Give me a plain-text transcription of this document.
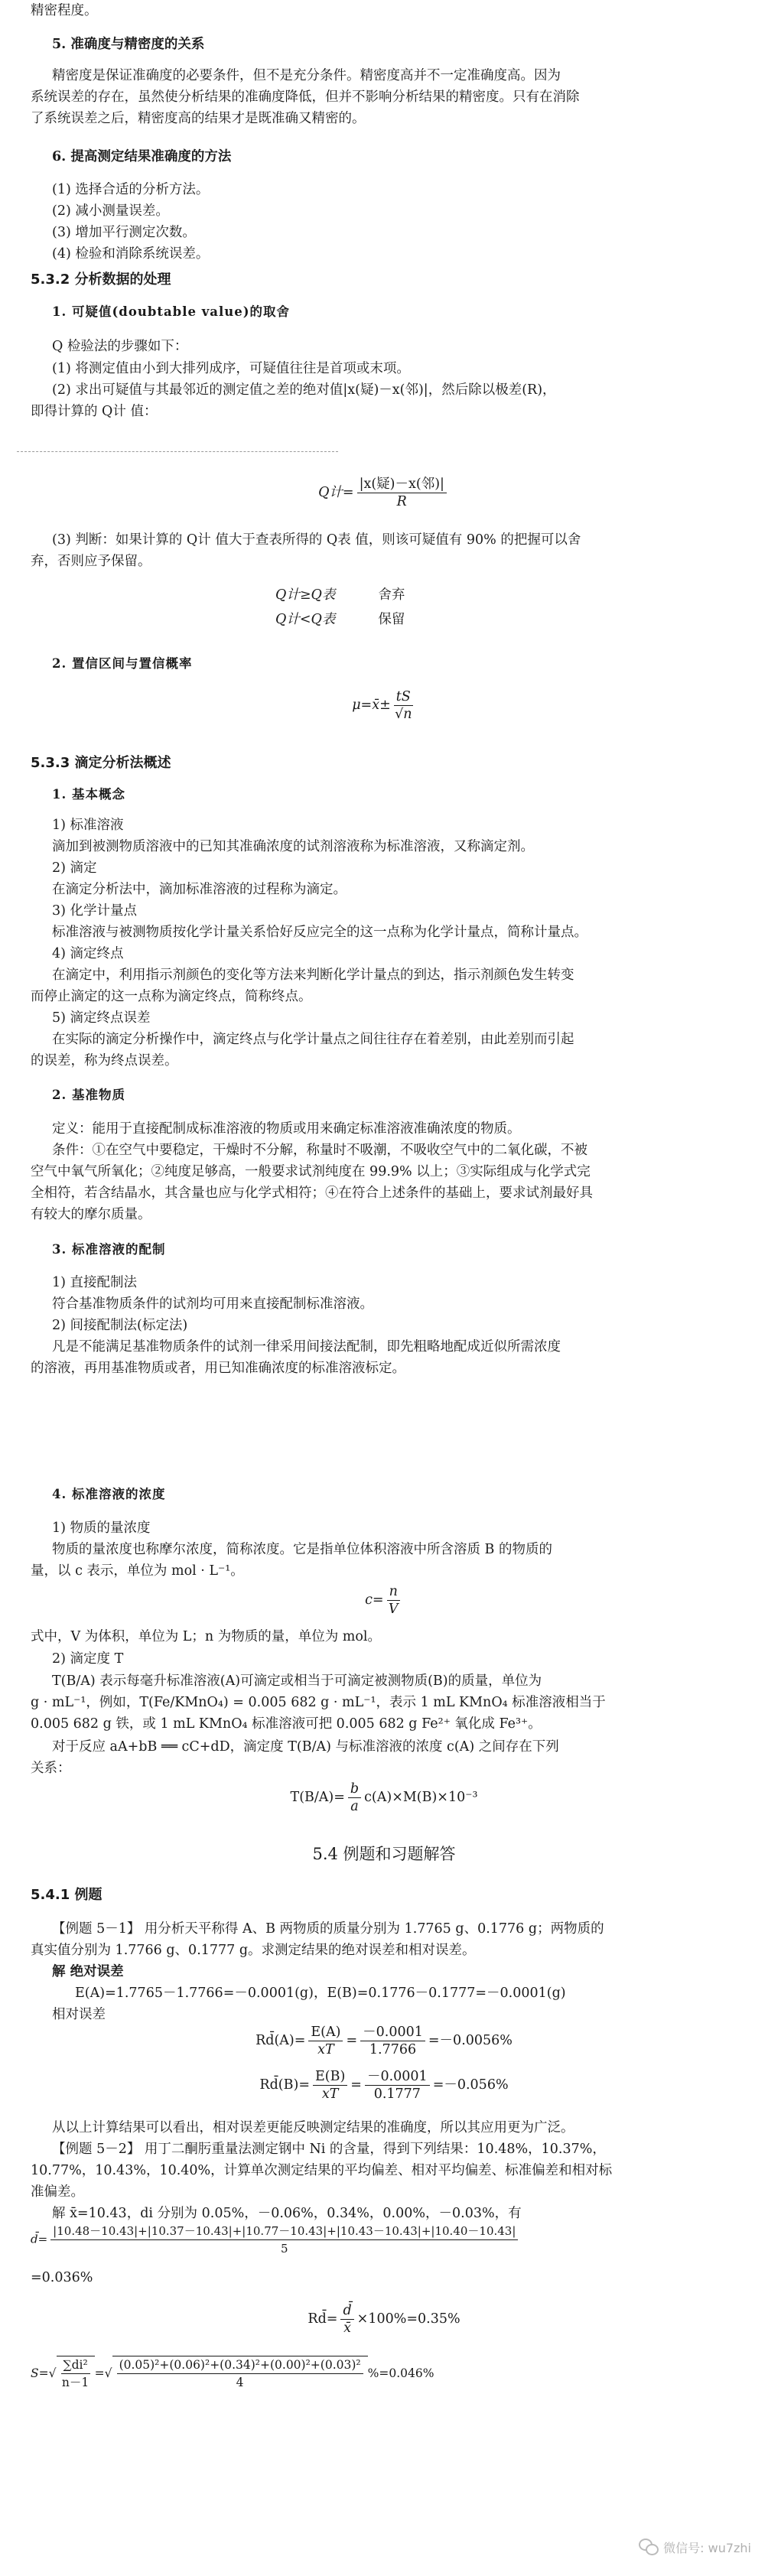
精密程度。
5. 准确度与精密度的关系
精密度是保证准确度的必要条件，但不是充分条件。精密度高并不一定准确度高。因为
系统误差的存在，虽然使分析结果的准确度降低，但并不影响分析结果的精密度。只有在消除
了系统误差之后，精密度高的结果才是既准确又精密的。
6. 提高测定结果准确度的方法
(1) 选择合适的分析方法。
(2) 减小测量误差。
(3) 增加平行测定次数。
(4) 检验和消除系统误差。
5.3.2 分析数据的处理
1. 可疑值(doubtable value)的取舍
Q 检验法的步骤如下：
(1) 将测定值由小到大排列成序，可疑值往往是首项或末项。
(2) 求出可疑值与其最邻近的测定值之差的绝对值|x(疑)－x(邻)|，然后除以极差(R)，
即得计算的 Q计 值：
Q计= $\frac{\text{|x(疑)－x(邻)|}}{R}$
(3) 判断：如果计算的 Q计 值大于查表所得的 Q表 值，则该可疑值有 90% 的把握可以舍
弃，否则应予保留。
Q计≥Q表	舍弃
Q计<Q表	保留
2. 置信区间与置信概率
μ=x̄± $\frac{tS}{√n}$
5.3.3 滴定分析法概述
1. 基本概念
1) 标准溶液
滴加到被测物质溶液中的已知其准确浓度的试剂溶液称为标准溶液，又称滴定剂。
2) 滴定
在滴定分析法中，滴加标准溶液的过程称为滴定。
3) 化学计量点
标准溶液与被测物质按化学计量关系恰好反应完全的这一点称为化学计量点，简称计量点。
4) 滴定终点
在滴定中，利用指示剂颜色的变化等方法来判断化学计量点的到达，指示剂颜色发生转变
而停止滴定的这一点称为滴定终点，简称终点。
5) 滴定终点误差
在实际的滴定分析操作中，滴定终点与化学计量点之间往往存在着差别，由此差别而引起
的误差，称为终点误差。
2. 基准物质
定义：能用于直接配制成标准溶液的物质或用来确定标准溶液准确浓度的物质。
条件：①在空气中要稳定，干燥时不分解，称量时不吸潮，不吸收空气中的二氧化碳，不被
空气中氧气所氧化；②纯度足够高，一般要求试剂纯度在 99.9% 以上；③实际组成与化学式完
全相符，若含结晶水，其含量也应与化学式相符；④在符合上述条件的基础上，要求试剂最好具
有较大的摩尔质量。
3. 标准溶液的配制
1) 直接配制法
符合基准物质条件的试剂均可用来直接配制标准溶液。
2) 间接配制法(标定法)
凡是不能满足基准物质条件的试剂一律采用间接法配制，即先粗略地配成近似所需浓度
的溶液，再用基准物质或者，用已知准确浓度的标准溶液标定。
4. 标准溶液的浓度
1) 物质的量浓度
物质的量浓度也称摩尔浓度，简称浓度。它是指单位体积溶液中所含溶质 B 的物质的
量，以 c 表示，单位为 mol · L⁻¹。
$c= \frac{n}{V}$
式中，V 为体积，单位为 L；n 为物质的量，单位为 mol。
2) 滴定度 T
T(B/A) 表示每毫升标准溶液(A)可滴定或相当于可滴定被测物质(B)的质量，单位为
g · mL⁻¹，例如，T(Fe/KMnO₄) = 0.005 682 g · mL⁻¹，表示 1 mL KMnO₄ 标准溶液相当于
0.005 682 g 铁，或 1 mL KMnO₄ 标准溶液可把 0.005 682 g Fe²⁺ 氧化成 Fe³⁺。
对于反应 aA+bB ══ cC+dD，滴定度 T(B/A) 与标准溶液的浓度 c(A) 之间存在下列
关系：
$T(B/A)= \frac{b}{a} c(A)\times M(B)\times 10^{-3}$
5.4 例题和习题解答
5.4.1 例题
【例题 5－1】 用分析天平称得 A、B 两物质的质量分别为 1.7765 g、0.1776 g；两物质的
真实值分别为 1.7766 g、0.1777 g。求测定结果的绝对误差和相对误差。
解 绝对误差
E(A)=1.7765－1.7766=－0.0001(g)，E(B)=0.1776－0.1777=－0.0001(g)
相对误差
Rd̄(A)= $\frac{E(A)}{xT} = \frac{-0.0001}{1.7766} =-0.0056\%$
Rd̄(B)= $\frac{E(B)}{xT} = \frac{-0.0001}{0.1777} =-0.056\%$
从以上计算结果可以看出，相对误差更能反映测定结果的准确度，所以其应用更为广泛。
【例题 5－2】 用丁二酮肟重量法测定钢中 Ni 的含量，得到下列结果：10.48%，10.37%，
10.77%，10.43%，10.40%，计算单次测定结果的平均偏差、相对平均偏差、标准偏差和相对标
准偏差。
解 x̄=10.43，di 分别为 0.05%，－0.06%，0.34%，0.00%，－0.03%，有
d̄=
|10.48－10.43|+|10.37－10.43|+|10.77－10.43|+|10.43－10.43|+|10.40－10.43|
5
=0.036%
Rd̄= $\frac{d̄}{x̄} \times 100\%=0.35\%$
$S=√ \frac{\text{∑di²}}{n-1}$ =√ $\frac{\text{(0.05)²+(0.06)²+(0.34)²+(0.00)²+(0.03)²}}{4} \%=0.046\%$
微信号: wu7zhi
